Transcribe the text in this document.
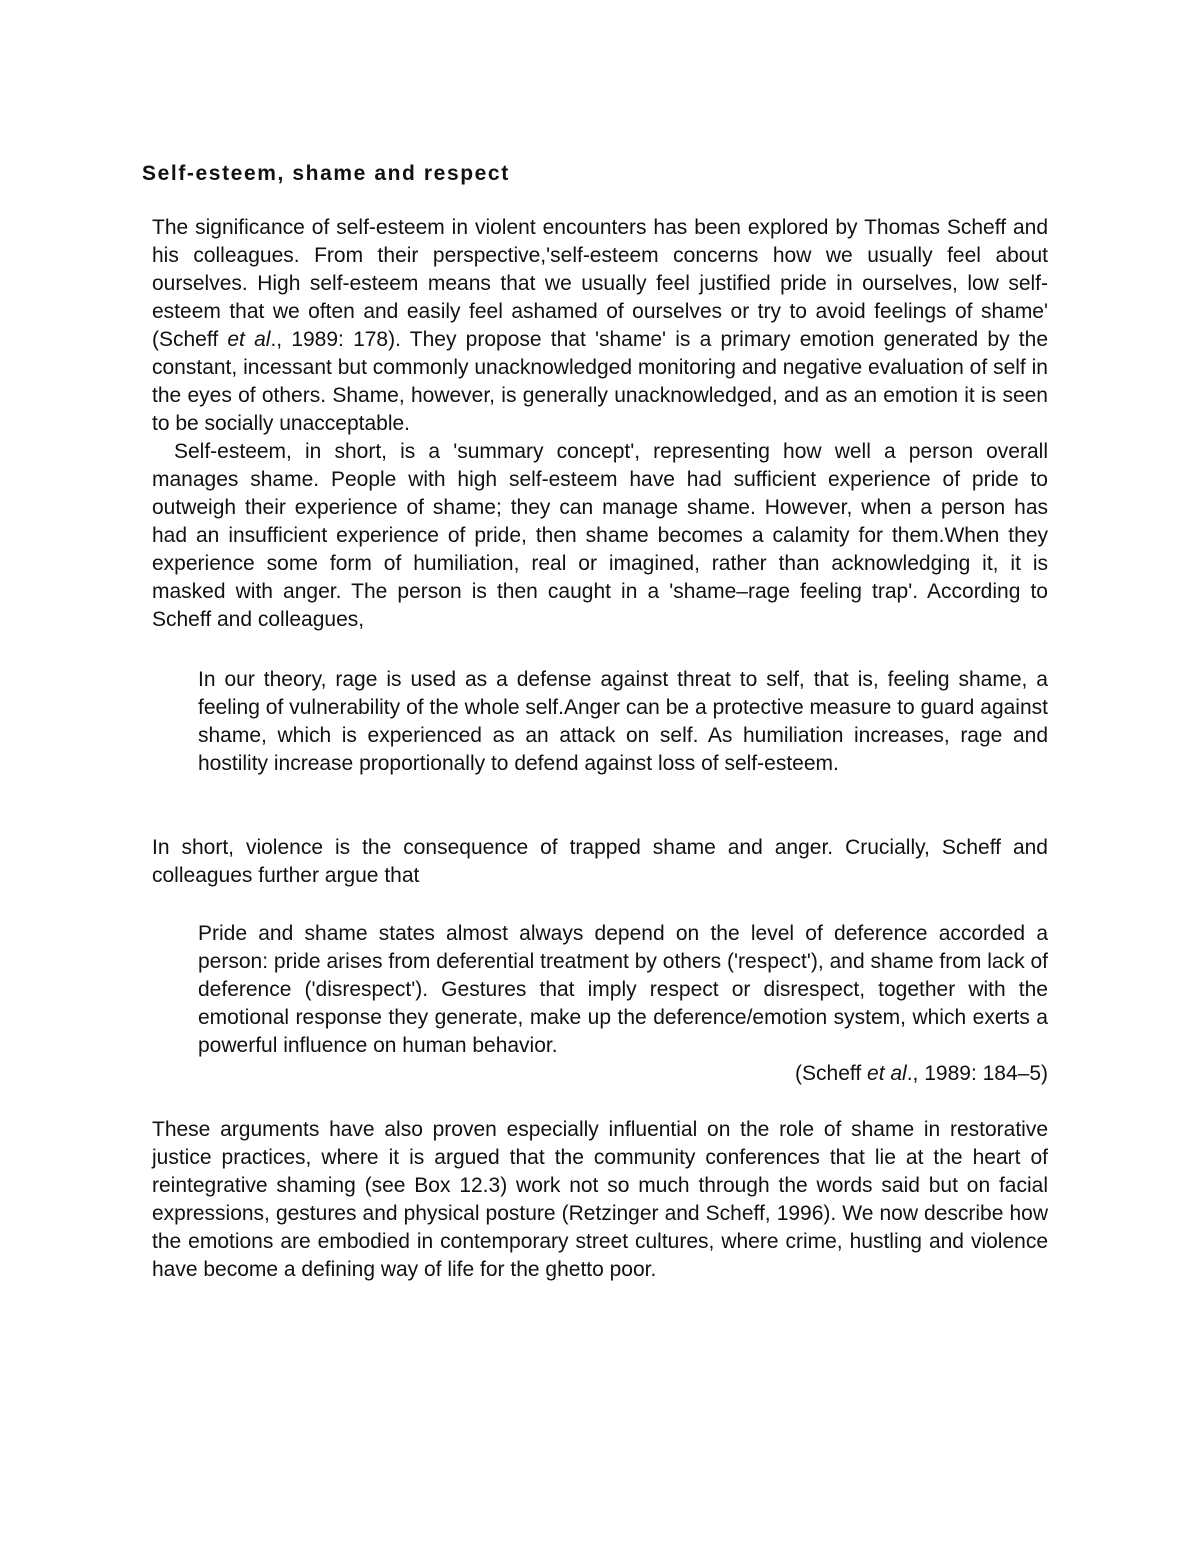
Self-esteem, shame and respect

The significance of self-esteem in violent encounters has been explored by Thomas Scheff and his colleagues. From their perspective,'self-esteem concerns how we usually feel about ourselves. High self-esteem means that we usually feel justified pride in ourselves, low self-esteem that we often and easily feel ashamed of ourselves or try to avoid feelings of shame' (Scheff et al., 1989: 178). They propose that 'shame' is a primary emotion generated by the constant, incessant but commonly unacknowledged monitoring and negative evaluation of self in the eyes of others. Shame, however, is generally unacknowledged, and as an emotion it is seen to be socially unacceptable.
Self-esteem, in short, is a 'summary concept', representing how well a person overall manages shame. People with high self-esteem have had sufficient experience of pride to outweigh their experience of shame; they can manage shame. However, when a person has had an insufficient experience of pride, then shame becomes a calamity for them.When they experience some form of humiliation, real or imagined, rather than acknowledging it, it is masked with anger. The person is then caught in a 'shame–rage feeling trap'. According to Scheff and colleagues,

In our theory, rage is used as a defense against threat to self, that is, feeling shame, a feeling of vulnerability of the whole self.Anger can be a protective measure to guard against shame, which is experienced as an attack on self. As humiliation increases, rage and hostility increase proportionally to defend against loss of self-esteem.

In short, violence is the consequence of trapped shame and anger. Crucially, Scheff and colleagues further argue that

Pride and shame states almost always depend on the level of deference accorded a person: pride arises from deferential treatment by others ('respect'), and shame from lack of deference ('disrespect'). Gestures that imply respect or disrespect, together with the emotional response they generate, make up the deference/emotion system, which exerts a powerful influence on human behavior.
(Scheff et al., 1989: 184–5)

These arguments have also proven especially influential on the role of shame in restorative justice practices, where it is argued that the community conferences that lie at the heart of reintegrative shaming (see Box 12.3) work not so much through the words said but on facial expressions, gestures and physical posture (Retzinger and Scheff, 1996). We now describe how the emotions are embodied in contemporary street cultures, where crime, hustling and violence have become a defining way of life for the ghetto poor.
